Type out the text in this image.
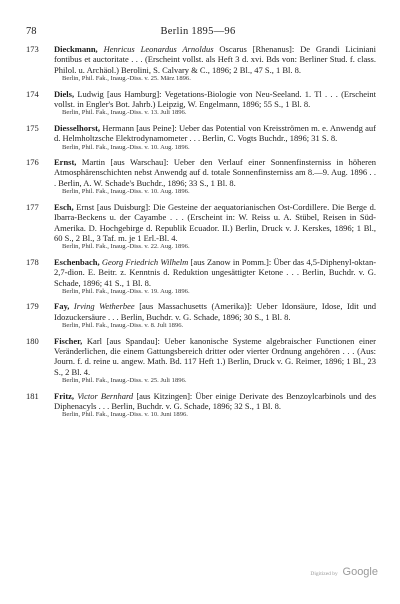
78	Berlin 1895—96
173	Dieckmann, Henricus Leonardus Arnoldus Oscarus [Rhenanus]: De Grandi Liciniani fontibus et auctoritate . . . (Erscheint vollst. als Heft 3 d. xvi. Bds von: Berliner Stud. f. class. Philol. u. Archäol.) Berolini, S. Calvary & C., 1896; 2 Bl., 47 S., 1 Bl. 8.
Berlin, Phil. Fak., Inaug.-Diss. v. 25. März 1896.
174	Diels, Ludwig [aus Hamburg]: Vegetations-Biologie von Neu-Seeland. 1. Tl . . . (Erscheint vollst. in Engler's Bot. Jahrb.) Leipzig, W. Engelmann, 1896; 55 S., 1 Bl. 8.
Berlin, Phil. Fak., Inaug.-Diss. v. 13. Juli 1896.
175	Diesselhorst, Hermann [aus Peine]: Ueber das Potential von Kreisströmen m. e. Anwendg auf d. Helmholtzsche Elektrodynamometer . . . Berlin, C. Vogts Buchdr., 1896; 31 S. 8.
Berlin, Phil. Fak., Inaug.-Diss. v. 10. Aug. 1896.
176	Ernst, Martin [aus Warschau]: Ueber den Verlauf einer Sonnenfinsterniss in höheren Atmosphärenschichten nebst Anwendg auf d. totale Sonnenfinsterniss am 8.—9. Aug. 1896 . . . Berlin, A. W. Schade's Buchdr., 1896; 33 S., 1 Bl. 8.
Berlin, Phil. Fak., Inaug.-Diss. v. 10. Aug. 1896.
177	Esch, Ernst [aus Duisburg]: Die Gesteine der aequatorianischen Ost-Cordillere. Die Berge d. Ibarra-Beckens u. der Cayambe . . . (Erscheint in: W. Reiss u. A. Stübel, Reisen in Süd-Amerika. D. Hochgebirge d. Republik Ecuador. II.) Berlin, Druck v. J. Kerskes, 1896; 1 Bl., 60 S., 2 Bl., 3 Taf. m. je 1 Erl.-Bl. 4.
Berlin, Phil. Fak., Inaug.-Diss. v. 22. Aug. 1896.
178	Eschenbach, Georg Friedrich Wilhelm [aus Zanow in Pomm.]: Über das 4,5-Diphenyl-oktan-2,7-dion. E. Beitr. z. Kenntnis d. Reduktion ungesättigter Ketone . . . Berlin, Buchdr. v. G. Schade, 1896; 41 S., 1 Bl. 8.
Berlin, Phil. Fak., Inaug.-Diss. v. 19. Aug. 1896.
179	Fay, Irving Wetherbee [aus Massachusetts (Amerika)]: Ueber Idonsäure, Idose, Idit und Idozuckersäure . . . Berlin, Buchdr. v. G. Schade, 1896; 30 S., 1 Bl. 8.
Berlin, Phil. Fak., Inaug.-Diss. v. 8. Juli 1896.
180	Fischer, Karl [aus Spandau]: Ueber kanonische Systeme algebraischer Functionen einer Veränderlichen, die einem Gattungsbereich dritter oder vierter Ordnung angehören . . . (Aus: Journ. f. d. reine u. angew. Math. Bd. 117 Heft 1.) Berlin, Druck v. G. Reimer, 1896; 1 Bl., 23 S., 2 Bl. 4.
Berlin, Phil. Fak., Inaug.-Diss. v. 25. Juli 1896.
181	Fritz, Victor Bernhard [aus Kitzingen]: Über einige Derivate des Benzoylcarbinols und des Diphenacyls . . . Berlin, Buchdr. v. G. Schade, 1896; 32 S., 1 Bl. 8.
Berlin, Phil. Fak., Inaug.-Diss. v. 10. Juni 1896.
Digitized by Google
